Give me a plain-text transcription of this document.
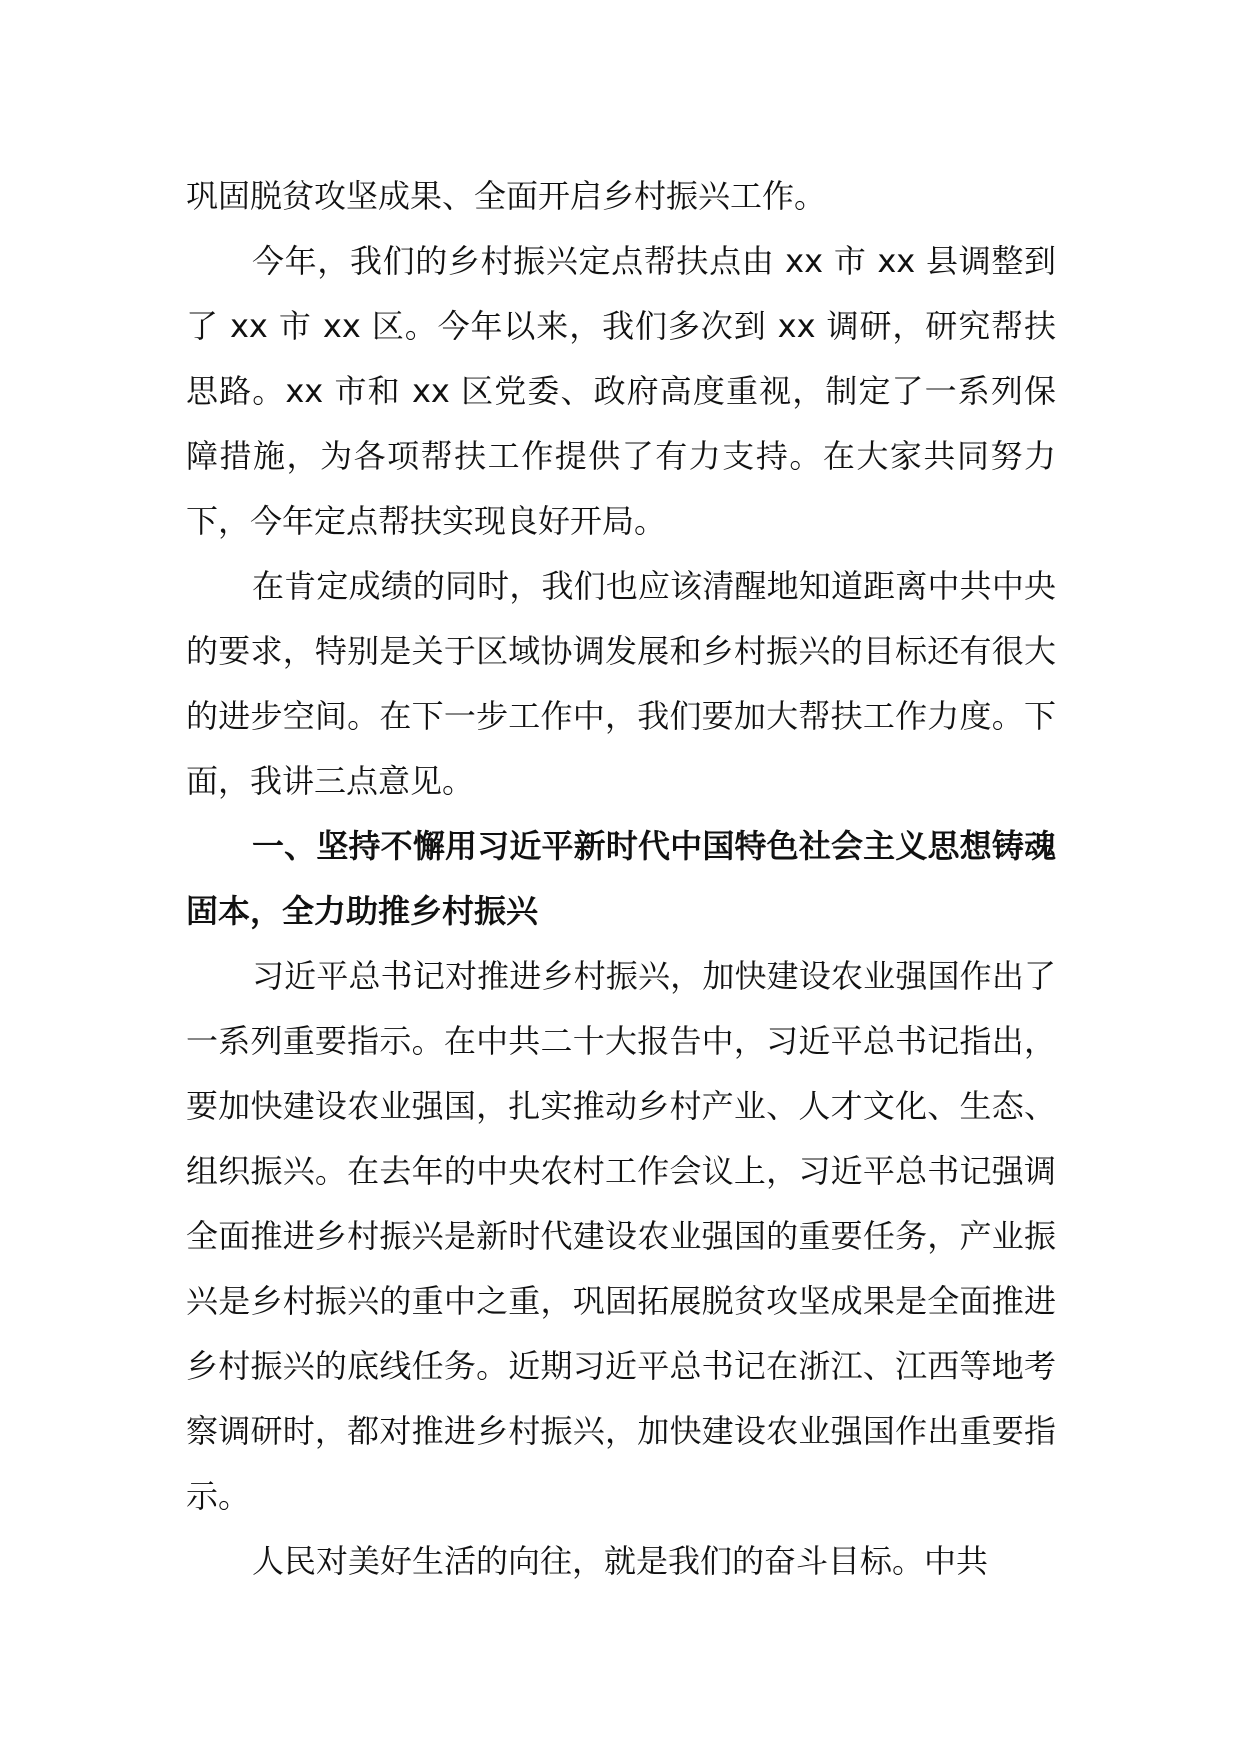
巩固脱贫攻坚成果、全面开启乡村振兴工作。

今年，我们的乡村振兴定点帮扶点由 xx 市 xx 县调整到了 xx 市 xx 区。今年以来，我们多次到 xx 调研，研究帮扶思路。xx 市和 xx 区党委、政府高度重视，制定了一系列保障措施，为各项帮扶工作提供了有力支持。在大家共同努力下，今年定点帮扶实现良好开局。

在肯定成绩的同时，我们也应该清醒地知道距离中共中央的要求，特别是关于区域协调发展和乡村振兴的目标还有很大的进步空间。在下一步工作中，我们要加大帮扶工作力度。下面，我讲三点意见。

一、坚持不懈用习近平新时代中国特色社会主义思想铸魂固本，全力助推乡村振兴

习近平总书记对推进乡村振兴，加快建设农业强国作出了一系列重要指示。在中共二十大报告中，习近平总书记指出，要加快建设农业强国，扎实推动乡村产业、人才文化、生态、组织振兴。在去年的中央农村工作会议上，习近平总书记强调全面推进乡村振兴是新时代建设农业强国的重要任务，产业振兴是乡村振兴的重中之重，巩固拓展脱贫攻坚成果是全面推进乡村振兴的底线任务。近期习近平总书记在浙江、江西等地考察调研时，都对推进乡村振兴，加快建设农业强国作出重要指示。

人民对美好生活的向往，就是我们的奋斗目标。中共
